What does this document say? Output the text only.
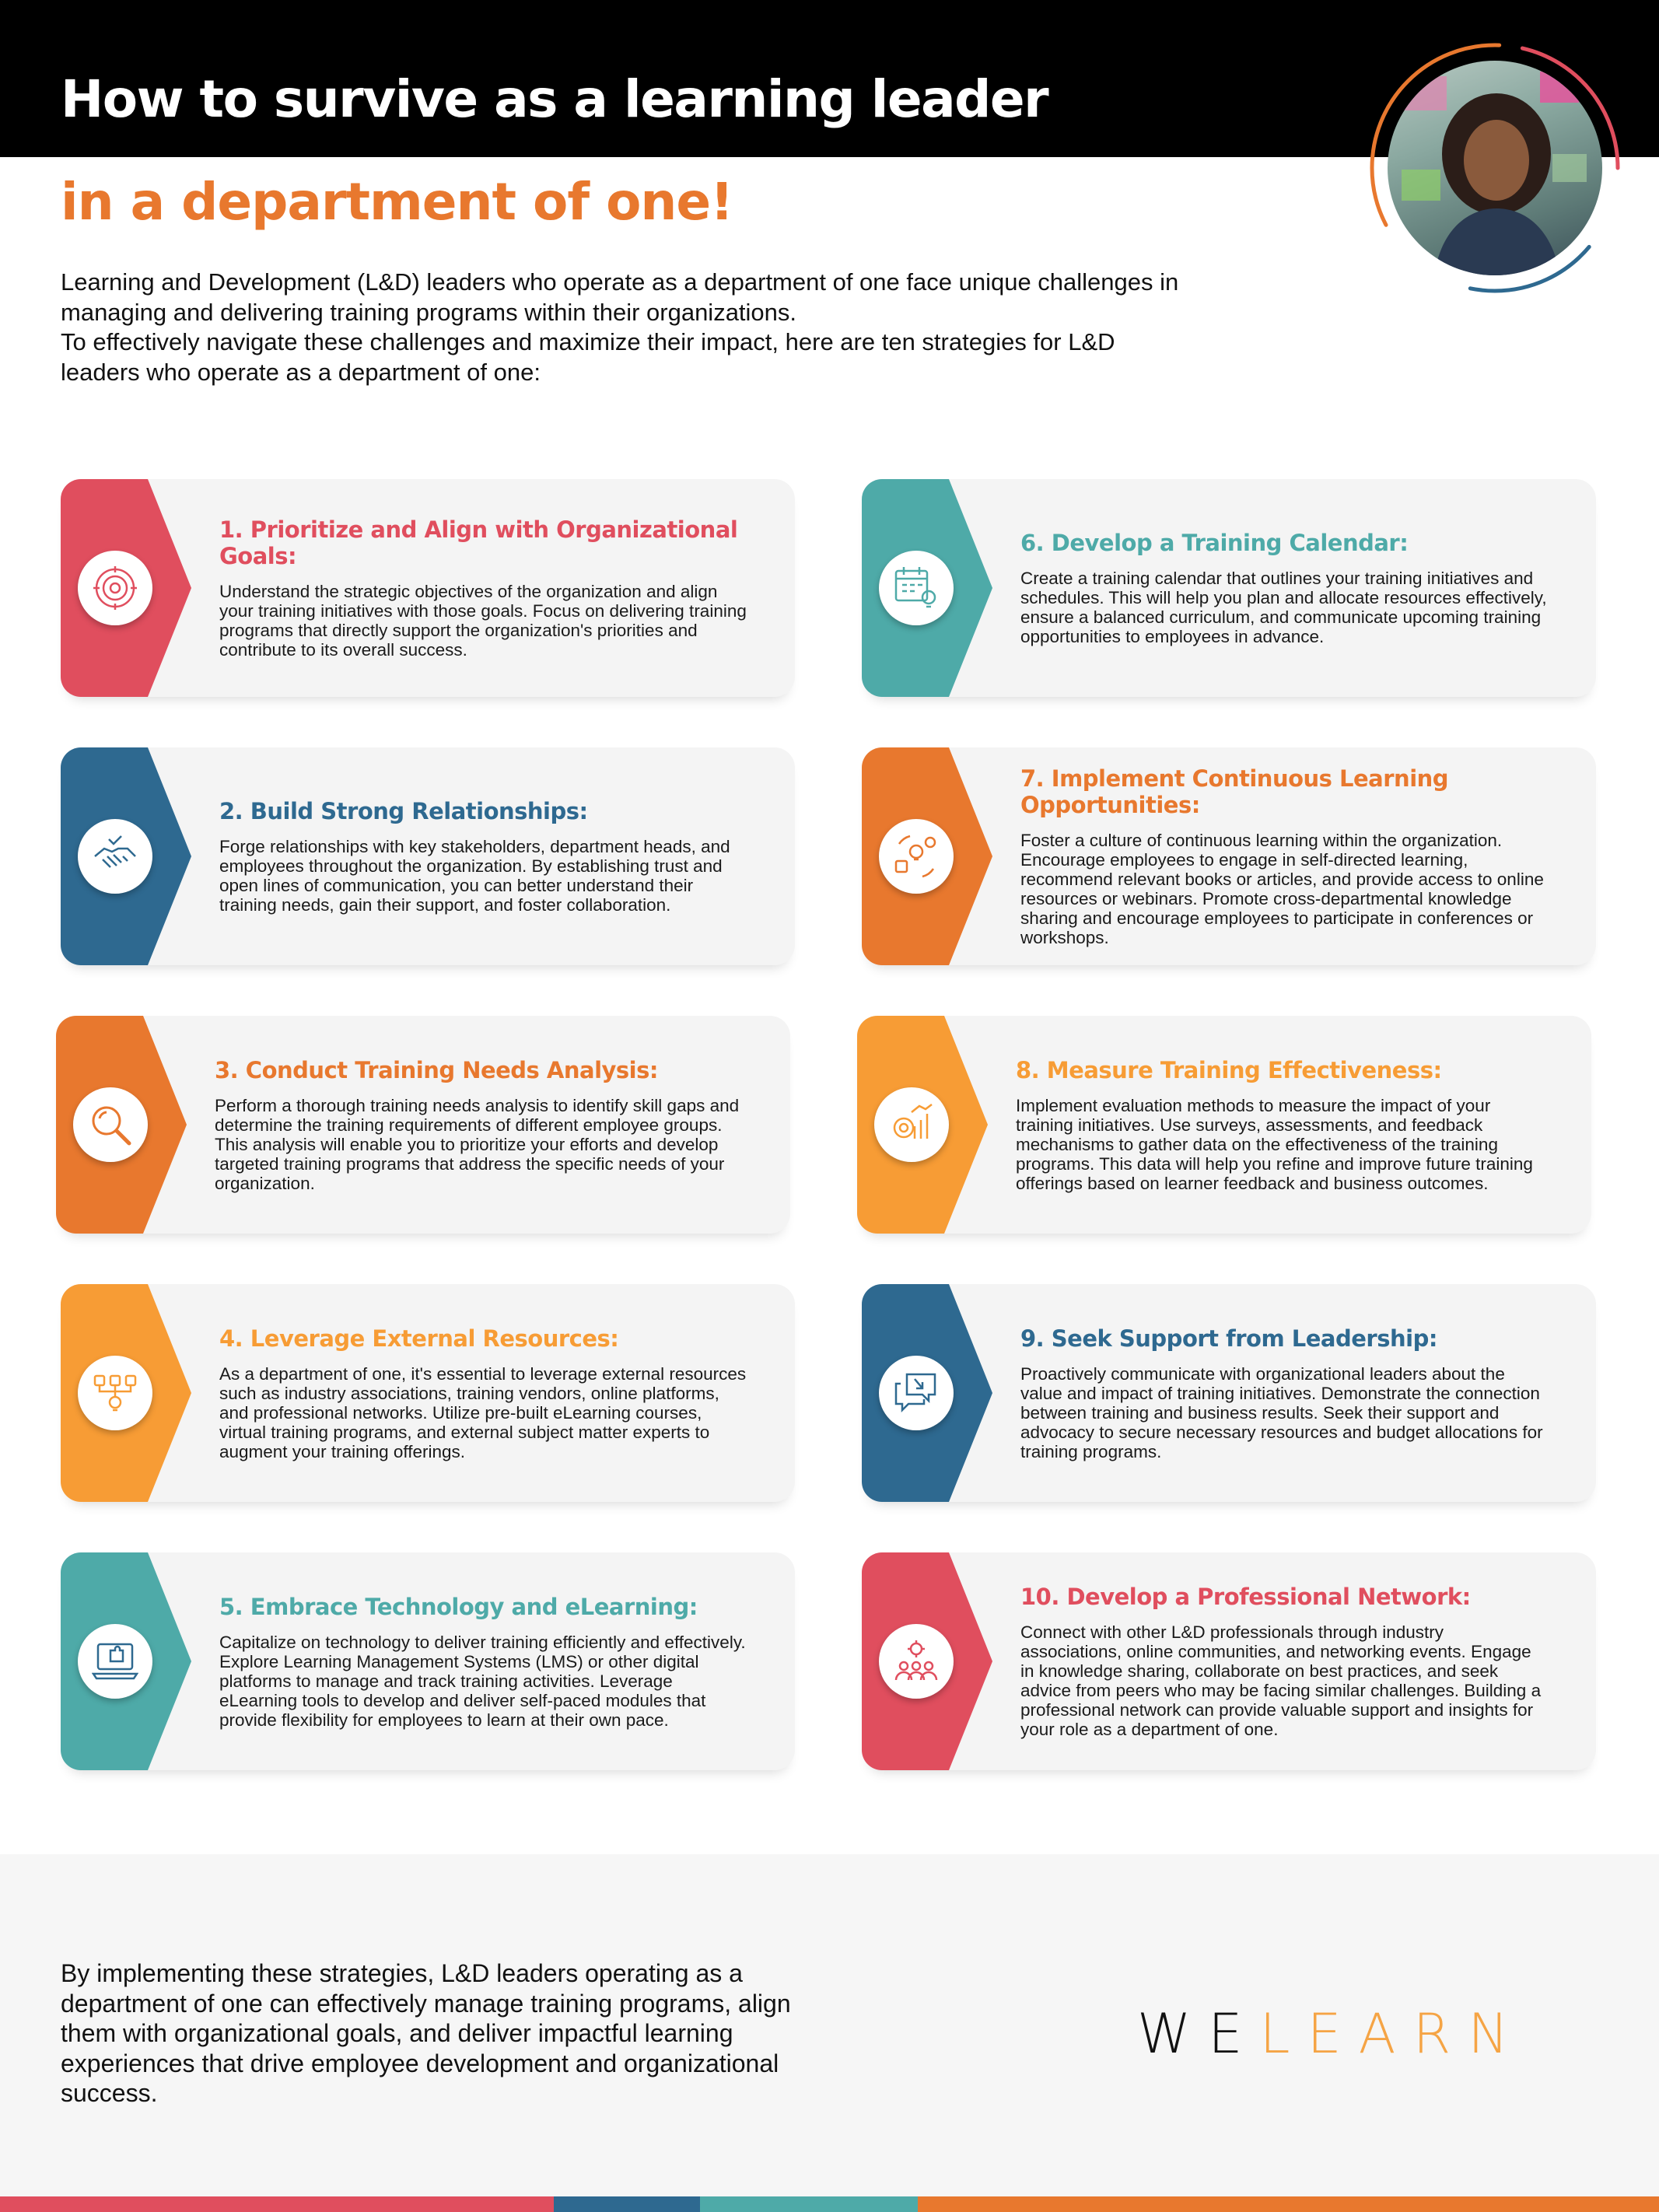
How to survive as a learning leader
in a department of one!

Learning and Development (L&D) leaders who operate as a department of one face unique challenges in managing and delivering training programs within their organizations.

To effectively navigate these challenges and maximize their impact, here are ten strategies for L&D leaders who operate as a department of one:

1. Prioritize and Align with Organizational Goals:

Understand the strategic objectives of the organization and align your training initiatives with those goals. Focus on delivering training programs that directly support the organization's priorities and contribute to its overall success.

2. Build Strong Relationships:

Forge relationships with key stakeholders, department heads, and employees throughout the organization. By establishing trust and open lines of communication, you can better understand their training needs, gain their support, and foster collaboration.

3. Conduct Training Needs Analysis:

Perform a thorough training needs analysis to identify skill gaps and determine the training requirements of different employee groups. This analysis will enable you to prioritize your efforts and develop targeted training programs that address the specific needs of your organization.

4. Leverage External Resources:

As a department of one, it's essential to leverage external resources such as industry associations, training vendors, online platforms, and professional networks. Utilize pre-built eLearning courses, virtual training programs, and external subject matter experts to augment your training offerings.

5. Embrace Technology and eLearning:

Capitalize on technology to deliver training efficiently and effectively. Explore Learning Management Systems (LMS) or other digital platforms to manage and track training activities. Leverage eLearning tools to develop and deliver self-paced modules that provide flexibility for employees to learn at their own pace.

6. Develop a Training Calendar:

Create a training calendar that outlines your training initiatives and schedules. This will help you plan and allocate resources effectively, ensure a balanced curriculum, and communicate upcoming training opportunities to employees in advance.

7. Implement Continuous Learning Opportunities:

Foster a culture of continuous learning within the organization. Encourage employees to engage in self-directed learning, recommend relevant books or articles, and provide access to online resources or webinars. Promote cross-departmental knowledge sharing and encourage employees to participate in conferences or workshops.

8. Measure Training Effectiveness:

Implement evaluation methods to measure the impact of your training initiatives. Use surveys, assessments, and feedback mechanisms to gather data on the effectiveness of the training programs. This data will help you refine and improve future training offerings based on learner feedback and business outcomes.

9. Seek Support from Leadership:

Proactively communicate with organizational leaders about the value and impact of training initiatives. Demonstrate the connection between training and business results. Seek their support and advocacy to secure necessary resources and budget allocations for training programs.

10. Develop a Professional Network:

Connect with other L&D professionals through industry associations, online communities, and networking events. Engage in knowledge sharing, collaborate on best practices, and seek advice from peers who may be facing similar challenges. Building a professional network can provide valuable support and insights for your role as a department of one.

By implementing these strategies, L&D leaders operating as a department of one can effectively manage training programs, align them with organizational goals, and deliver impactful learning experiences that drive employee development and organizational success.

WELEARN
